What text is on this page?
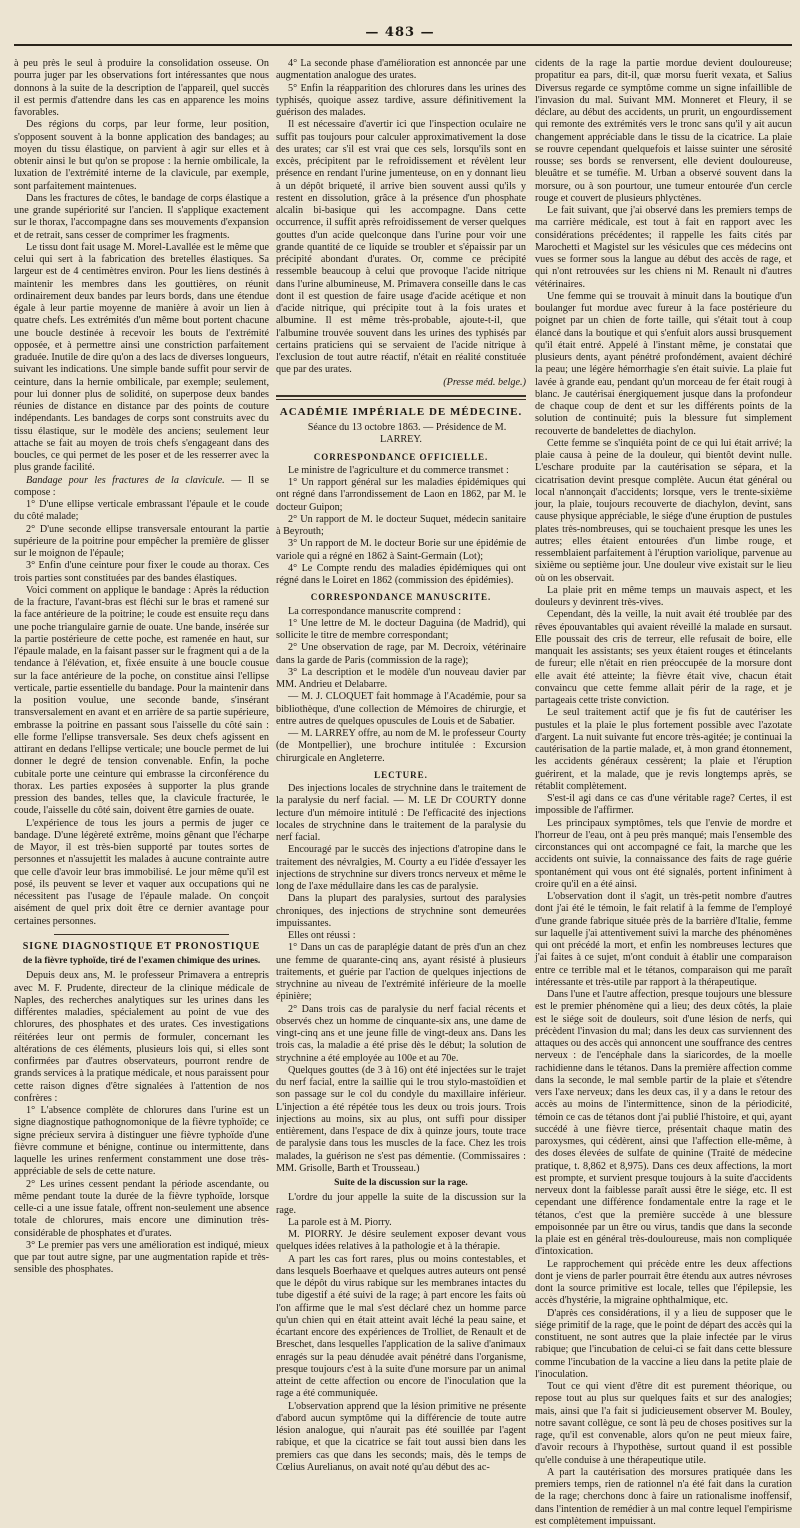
— 483 —

à peu près le seul à produire la consolidation osseuse. On pourra juger par les observations fort intéressantes que nous donnons à la suite de la description de l'appareil, quel succès il est permis d'attendre dans les cas en apparence les moins favorables.

Des régions du corps, par leur forme, leur position, s'opposent souvent à la bonne application des bandages; au moyen du tissu élastique, on parvient à agir sur elles et à obtenir ainsi le but qu'on se propose : la hernie ombilicale, la luxation de l'extrémité interne de la clavicule, par exemple, sont parfaitement maintenues.

Dans les fractures de côtes, le bandage de corps élastique a une grande supériorité sur l'ancien. Il s'applique exactement sur le thorax, l'accompagne dans ses mouvements d'expansion et de retrait, sans cesser de comprimer les fragments.

Le tissu dont fait usage M. Morel-Lavallée est le même que celui qui sert à la fabrication des bretelles élastiques. Sa largeur est de 4 centimètres environ. Pour les liens destinés à maintenir les membres dans les gouttières, on réunit ordinairement deux bandes par leurs bords, dans une étendue égale à leur partie moyenne de manière à avoir un lien à quatre chefs. Les extrémités d'un même bout portent chacune une boucle destinée à recevoir les bouts de l'extrémité opposée, et à permettre ainsi une constriction parfaitement graduée. Inutile de dire qu'on a des lacs de diverses longueurs, suivant les indications. Une simple bande suffit pour servir de ceinture, dans la hernie ombilicale, par exemple; seulement, pour lui donner plus de solidité, on superpose deux bandes réunies de distance en distance par des points de couture indépendants. Les bandages de corps sont construits avec du tissu élastique, sur le modèle des anciens; seulement leur attache se fait au moyen de trois chefs s'engageant dans des boucles, ce qui permet de les poser et de les resserrer avec la plus grande facilité.

Bandage pour les fractures de la clavicule. — Il se compose :

1° D'une ellipse verticale embrassant l'épaule et le coude du côté malade;

2° D'une seconde ellipse transversale entourant la partie supérieure de la poitrine pour empêcher la première de glisser sur le moignon de l'épaule;

3° Enfin d'une ceinture pour fixer le coude au thorax. Ces trois parties sont constituées par des bandes élastiques.

Voici comment on applique le bandage : Après la réduction de la fracture, l'avant-bras est fléchi sur le bras et ramené sur la face antérieure de la poitrine; le coude est ensuite reçu dans une poche triangulaire garnie de ouate. Une bande, insérée sur la partie postérieure de cette poche, est ramenée en haut, sur l'épaule malade, en la faisant passer sur le fragment qui a de la tendance à l'élévation, et, fixée ensuite à une boucle cousue sur la face antérieure de la poche, on constitue ainsi l'ellipse verticale, partie essentielle du bandage. Pour la maintenir dans la position voulue, une seconde bande, s'insérant transversalement en avant et en arrière de sa partie supérieure, embrasse la poitrine en passant sous l'aisselle du côté sain : elle forme l'ellipse transversale. Ses deux chefs agissent en attirant en dedans l'ellipse verticale; une boucle permet de lui donner le degré de tension convenable. Enfin, la poche cubitale porte une ceinture qui embrasse la circonférence du thorax. Les parties exposées à supporter la plus grande pression des bandes, telles que, la clavicule fracturée, le coude, l'aisselle du côté sain, doivent être garnies de ouate.

L'expérience de tous les jours a permis de juger ce bandage. D'une légèreté extrême, moins gênant que l'écharpe de Mayor, il est très-bien supporté par toutes sortes de personnes et n'assujettit les malades à aucune contrainte autre que celle d'avoir leur bras immobilisé. Le jour même qu'il est posé, ils peuvent se lever et vaquer aux occupations qui ne nécessitent pas l'usage de l'épaule malade. On conçoit aisément de quel prix doit être ce dernier avantage pour certaines personnes.

SIGNE DIAGNOSTIQUE ET PRONOSTIQUE
de la fièvre typhoïde, tiré de l'examen chimique des urines.

Depuis deux ans, M. le professeur Primavera a entrepris avec M. F. Prudente, directeur de la clinique médicale de Naples, des recherches analytiques sur les urines dans les différentes maladies, spécialement au point de vue des chlorures, des phosphates et des urates. Ces investigations réitérées leur ont permis de formuler, concernant les altérations de ces éléments, plusieurs lois qui, si elles sont confirmées par d'autres observateurs, pourront rendre de grands services à la pratique médicale, et nous paraissent pour cette raison dignes d'être signalées à l'attention de nos confrères :

1° L'absence complète de chlorures dans l'urine est un signe diagnostique pathognomonique de la fièvre typhoïde; ce signe précieux servira à distinguer une fièvre typhoïde d'une fièvre commune et bénigne, continue ou intermittente, dans laquelle les urines renferment constamment une dose très-appréciable de sels de cette nature.

2° Les urines cessent pendant la période ascendante, ou même pendant toute la durée de la fièvre typhoïde, lorsque celle-ci a une issue fatale, offrent non-seulement une absence totale de chlorures, mais encore une diminution très-considérable de phosphates et d'urates.

3° Le premier pas vers une amélioration est indiqué, mieux que par tout autre signe, par une augmentation rapide et très-sensible des phosphates.

4° La seconde phase d'amélioration est annoncée par une augmentation analogue des urates.

5° Enfin la réapparition des chlorures dans les urines des typhisés, quoique assez tardive, assure définitivement la guérison des malades.

Il est nécessaire d'avertir ici que l'inspection oculaire ne suffit pas toujours pour calculer approximativement la dose des urates; car s'il est vrai que ces sels, lorsqu'ils sont en excès, précipitent par le refroidissement et révèlent leur présence en rendant l'urine jumenteuse, on en y donnant lieu à un dépôt briqueté, il arrive bien souvent aussi qu'ils y restent en dissolution, grâce à la présence d'un phosphate alcalin bi-basique qui les accompagne. Dans cette occurrence, il suffit après refroidissement de verser quelques gouttes d'un acide quelconque dans l'urine pour voir une grande quantité de ce liquide se troubler et s'épaissir par un précipité abondant d'urates. Or, comme ce précipité ressemble beaucoup à celui que provoque l'acide nitrique dans l'urine albumineuse, M. Primavera conseille dans le cas dont il est question de faire usage d'acide acétique et non d'acide nitrique, qui précipite tout à la fois urates et albumine. Il est même très-probable, ajoute-t-il, que l'albumine trouvée souvent dans les urines des typhisés par certains praticiens qui se servaient de l'acide nitrique à l'exclusion de tout autre réactif, n'était en réalité constituée que par des urates.

(Presse méd. belge.)
ACADÉMIE IMPÉRIALE DE MÉDECINE.

Séance du 13 octobre 1863. — Présidence de M. LARREY.

CORRESPONDANCE OFFICIELLE.

Le ministre de l'agriculture et du commerce transmet :

1° Un rapport général sur les maladies épidémiques qui ont régné dans l'arrondissement de Laon en 1862, par M. le docteur Guipon;

2° Un rapport de M. le docteur Suquet, médecin sanitaire à Beyrouth;

3° Un rapport de M. le docteur Borie sur une épidémie de variole qui a régné en 1862 à Saint-Germain (Lot);

4° Le Compte rendu des maladies épidémiques qui ont régné dans le Loiret en 1862 (commission des épidémies).

CORRESPONDANCE MANUSCRITE.

La correspondance manuscrite comprend :

1° Une lettre de M. le docteur Daguina (de Madrid), qui sollicite le titre de membre correspondant;

2° Une observation de rage, par M. Decroix, vétérinaire dans la garde de Paris (commission de la rage);

3° La description et le modèle d'un nouveau davier par MM. Andrieu et Delabarre.

— M. J. CLOQUET fait hommage à l'Académie, pour sa bibliothèque, d'une collection de Mémoires de chirurgie, et entre autres de quelques opuscules de Louis et de Sabatier.

— M. LARREY offre, au nom de M. le professeur Courty (de Montpellier), une brochure intitulée : Excursion chirurgicale en Angleterre.

LECTURE.

Des injections locales de strychnine dans le traitement de la paralysie du nerf facial. — M. LE Dr COURTY donne lecture d'un mémoire intitulé : De l'efficacité des injections locales de strychnine dans le traitement de la paralysie du nerf facial.

Encouragé par le succès des injections d'atropine dans le traitement des névralgies, M. Courty a eu l'idée d'essayer les injections de strychnine sur divers troncs nerveux et même le long de l'axe médullaire dans les cas de paralysie.

Dans la plupart des paralysies, surtout des paralysies chroniques, des injections de strychnine sont demeurées impuissantes.

Elles ont réussi :

1° Dans un cas de paraplégie datant de près d'un an chez une femme de quarante-cinq ans, ayant résisté à plusieurs traitements, et guérie par l'action de quelques injections de strychnine au niveau de l'extrémité inférieure de la moelle épinière;

2° Dans trois cas de paralysie du nerf facial récents et observés chez un homme de cinquante-six ans, une dame de vingt-cinq ans et une jeune fille de vingt-deux ans. Dans les trois cas, la maladie a été prise dès le début; la solution de strychnine a été employée au 100e et au 70e.

Quelques gouttes (de 3 à 16) ont été injectées sur le trajet du nerf facial, entre la saillie qui le trou stylo-mastoïdien et son passage sur le col du condyle du maxillaire inférieur. L'injection a été répétée tous les deux ou trois jours. Trois injections au moins, six au plus, ont suffi pour dissiper entièrement, dans l'espace de dix à quinze jours, toute trace de paralysie dans tous les muscles de la face. Chez les trois malades, la guérison ne s'est pas démentie. (Commissaires : MM. Grisolle, Barth et Trousseau.)

Suite de la discussion sur la rage.

L'ordre du jour appelle la suite de la discussion sur la rage.

La parole est à M. Piorry.

M. PIORRY. Je désire seulement exposer devant vous quelques idées relatives à la pathologie et à la thérapie.

A part les cas fort rares, plus ou moins contestables, et dans lesquels Boerhaave et quelques autres auteurs ont pensé que le dépôt du virus rabique sur les membranes intactes du tube digestif a été suivi de la rage; à part encore les faits où l'on affirme que le mal s'est déclaré chez un homme parce qu'un chien qui en était atteint avait léché la peau saine, et écartant encore des expériences de Trolliet, de Renault et de Breschet, dans lesquelles l'application de la salive d'animaux enragés sur la peau dénudée avait pénétré dans l'organisme, presque toujours c'est à la suite d'une morsure par un animal atteint de cette affection ou encore de l'inoculation que la rage a été communiquée.

L'observation apprend que la lésion primitive ne présente d'abord aucun symptôme qui la différencie de toute autre lésion analogue, qui n'aurait pas été souillée par l'agent rabique, et que la cicatrice se fait tout aussi bien dans les premiers cas que dans les seconds; mais, dès le temps de Cœlius Aurelianus, on avait noté qu'au début des ac-

cidents de la rage la partie mordue devient douloureuse; propatitur ea pars, dit-il, quæ morsu fuerit vexata, et Salius Diversus regarde ce symptôme comme un signe infaillible de l'invasion du mal. Suivant MM. Monneret et Fleury, il se déclare, au début des accidents, un prurit, un engourdissement qui remonte des extrémités vers le tronc sans qu'il y ait aucun changement appréciable dans le tissu de la cicatrice. La plaie se rouvre cependant quelquefois et laisse suinter une sérosité rousse; ses bords se renversent, elle devient douloureuse, bleuâtre et se tuméfie. M. Urban a observé souvent dans la morsure, ou à son pourtour, une tumeur entourée d'un cercle rouge et couvert de plusieurs phlyctènes.

Le fait suivant, que j'ai observé dans les premiers temps de ma carrière médicale, est tout à fait en rapport avec les considérations précédentes; il rappelle les faits cités par Marochetti et Magistel sur les vésicules que ces médecins ont vues se former sous la langue au début des accès de rage, et qui n'ont retrouvées sur les chiens ni M. Renault ni d'autres vétérinaires.

Une femme qui se trouvait à minuit dans la boutique d'un boulanger fut mordue avec fureur à la face postérieure du poignet par un chien de forte taille, qui s'était tout à coup élancé dans la boutique et qui s'enfuit alors aussi brusquement qu'il était entré. Appelé à l'instant même, je constatai que plusieurs dents, ayant pénétré profondément, avaient déchiré la peau; une légère hémorrhagie s'en était suivie. La plaie fut lavée à grande eau, pendant qu'un morceau de fer était rougi à blanc. Je cautérisai énergiquement jusque dans la profondeur de chaque coup de dent et sur les différents points de la solution de continuité; puis la blessure fut simplement recouverte de bandelettes de diachylon.

Cette femme se s'inquiéta point de ce qui lui était arrivé; la plaie causa à peine de la douleur, qui bientôt devint nulle. L'eschare produite par la cautérisation se sépara, et la cicatrisation devint presque complète. Aucun état général ou local n'annonçait d'accidents; lorsque, vers le trente-sixième jour, la plaie, toujours recouverte de diachylon, devint, sans cause physique appréciable, le siége d'une éruption de pustules plates très-nombreuses, qui se touchaient presque les unes les autres; elles étaient entourées d'un limbe rouge, et ressemblaient parfaitement à l'éruption variolique, parvenue au sixième ou septième jour. Une douleur vive existait sur le lieu où on les observait.

La plaie prit en même temps un mauvais aspect, et les douleurs y devinrent très-vives.

Cependant, dès la veille, la nuit avait été troublée par des rêves épouvantables qui avaient réveillé la malade en sursaut. Elle poussait des cris de terreur, elle refusait de boire, elle manquait les assistants; ses yeux étaient rouges et étincelants de fureur; elle n'était en rien préoccupée de la morsure dont elle avait été atteinte; la fièvre était vive, chacun était convaincu que cette femme allait périr de la rage, et je partageais cette triste conviction.

Le seul traitement actif que je fis fut de cautériser les pustules et la plaie le plus fortement possible avec l'azotate d'argent. La nuit suivante fut encore très-agitée; je continuai la cautérisation de la partie malade, et, à mon grand étonnement, les accidents généraux cessèrent; la plaie et l'éruption guérirent, et la malade, que je revis longtemps après, se rétablit complètement.

S'est-il agi dans ce cas d'une véritable rage? Certes, il est impossible de l'affirmer.

Les principaux symptômes, tels que l'envie de mordre et l'horreur de l'eau, ont à peu près manqué; mais l'ensemble des circonstances qui ont accompagné ce fait, la marche que les accidents ont suivie, la connaissance des faits de rage guérie spontanément qui vous ont été signalés, portent infiniment à croire qu'il en a été ainsi.

L'observation dont il s'agit, un très-petit nombre d'autres dont j'ai été le témoin, le fait relatif à la femme de l'employé d'une grande fabrique située près de la barrière d'Italie, femme sur laquelle j'ai attentivement suivi la marche des phénomènes qui ont précédé la mort, et enfin les nombreuses lectures que j'ai faites à ce sujet, m'ont conduit à établir une comparaison entre ce terrible mal et le tétanos, comparaison qui me paraît intéressante et très-utile par rapport à la thérapeutique.

Dans l'une et l'autre affection, presque toujours une blessure est le premier phénomène qui a lieu; des deux côtés, la plaie est le siége soit de douleurs, soit d'une lésion de nerfs, qui précèdent l'invasion du mal; dans les deux cas surviennent des attaques ou des accès qui annoncent une souffrance des centres nerveux : de l'encéphale dans la siaricordes, de la moelle rachidienne dans le tétanos. Dans la première affection comme dans la seconde, le mal semble partir de la plaie et s'étendre vers l'axe nerveux; dans les deux cas, il y a dans le retour des accès au moins de l'intermittence, sinon de la périodicité, témoin ce cas de tétanos dont j'ai publié l'histoire, et qui, ayant succédé à une fièvre tierce, présentait chaque matin des paroxysmes, qui cédèrent, ainsi que l'affection elle-même, à des doses élevées de sulfate de quinine (Traité de médecine pratique, t. 8,862 et 8,975). Dans ces deux affections, la mort est prompte, et survient presque toujours à la suite d'accidents nerveux dont la faiblesse paraît aussi être le siége, etc. Il est cependant une différence fondamentale entre la rage et le tétanos, c'est que la première succède à une blessure empoisonnée par un être ou virus, tandis que dans la seconde la plaie est en général très-douloureuse, mais non compliquée d'intoxication.

Le rapprochement qui précède entre les deux affections dont je viens de parler pourrait être étendu aux autres névroses dont la source primitive est locale, telles que l'épilepsie, les accès d'hystérie, la migraine ophthalmique, etc.

D'après ces considérations, il y a lieu de supposer que le siége primitif de la rage, que le point de départ des accès qui la constituent, ne sont autres que la plaie infectée par le virus rabique; que l'incubation de celui-ci se fait dans cette blessure comme l'incubation de la vaccine a lieu dans la petite plaie de l'inoculation.

Tout ce qui vient d'être dit est purement théorique, ou repose tout au plus sur quelques faits et sur des analogies; mais, ainsi que l'a fait si judicieusement observer M. Bouley, notre savant collègue, ce sont là peu de choses positives sur la rage, qu'il est convenable, alors qu'on ne peut mieux faire, d'avoir recours à l'hypothèse, surtout quand il est possible qu'elle conduise à une thérapeutique utile.

A part la cautérisation des morsures pratiquée dans les premiers temps, rien de rationnel n'a été fait dans la curation de la rage; cherchons donc à faire un rationalisme inoffensif, dans l'intention de remédier à un mal contre lequel l'empirisme est complètement impuissant.
